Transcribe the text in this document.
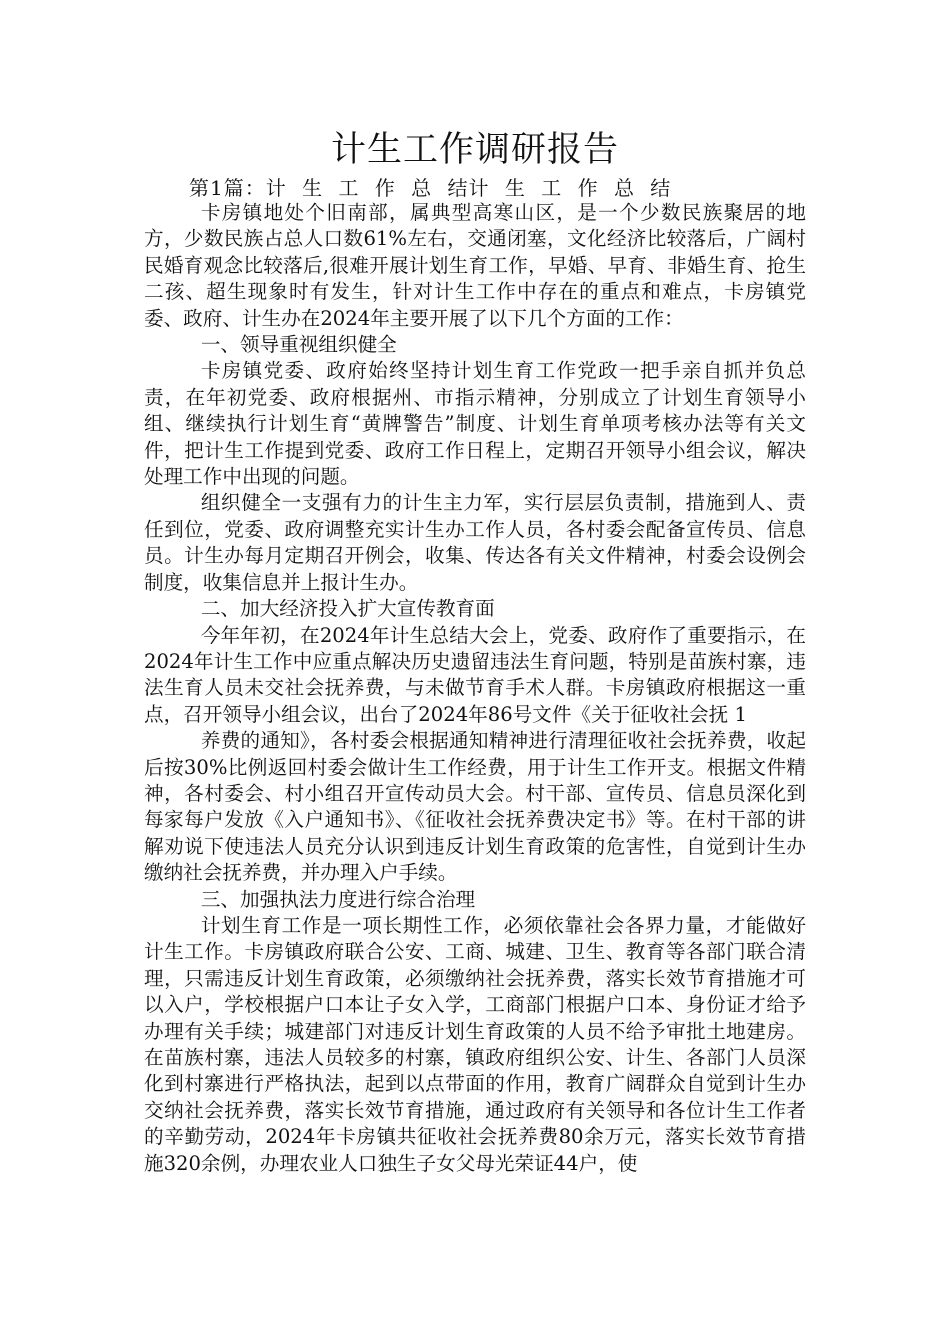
计生工作调研报告
第1篇：计 生 工 作 总 结计 生 工 作 总 结

卡房镇地处个旧南部，属典型高寒山区，是一个少数民族聚居的地方，少数民族占总人口数61%左右，交通闭塞，文化经济比较落后，广阔村民婚育观念比较落后,很难开展计划生育工作，早婚、早育、非婚生育、抢生二孩、超生现象时有发生，针对计生工作中存在的重点和难点，卡房镇党委、政府、计生办在2024年主要开展了以下几个方面的工作：

一、领导重视组织健全

卡房镇党委、政府始终坚持计划生育工作党政一把手亲自抓并负总责，在年初党委、政府根据州、市指示精神，分别成立了计划生育领导小组、继续执行计划生育“黄牌警告”制度、计划生育单项考核办法等有关文件，把计生工作提到党委、政府工作日程上，定期召开领导小组会议，解决处理工作中出现的问题。

组织健全一支强有力的计生主力军，实行层层负责制，措施到人、责任到位，党委、政府调整充实计生办工作人员，各村委会配备宣传员、信息员。计生办每月定期召开例会，收集、传达各有关文件精神，村委会设例会制度，收集信息并上报计生办。

二、加大经济投入扩大宣传教育面

今年年初，在2024年计生总结大会上，党委、政府作了重要指示，在2024年计生工作中应重点解决历史遗留违法生育问题，特别是苗族村寨，违法生育人员未交社会抚养费，与未做节育手术人群。卡房镇政府根据这一重点，召开领导小组会议，出台了2024年86号文件《关于征收社会抚 1

养费的通知》，各村委会根据通知精神进行清理征收社会抚养费，收起后按30%比例返回村委会做计生工作经费，用于计生工作开支。根据文件精神，各村委会、村小组召开宣传动员大会。村干部、宣传员、信息员深化到每家每户发放《入户通知书》、《征收社会抚养费决定书》等。在村干部的讲解劝说下使违法人员充分认识到违反计划生育政策的危害性，自觉到计生办缴纳社会抚养费，并办理入户手续。

三、加强执法力度进行综合治理

计划生育工作是一项长期性工作，必须依靠社会各界力量，才能做好计生工作。卡房镇政府联合公安、工商、城建、卫生、教育等各部门联合清理，只需违反计划生育政策，必须缴纳社会抚养费，落实长效节育措施才可以入户，学校根据户口本让子女入学，工商部门根据户口本、身份证才给予办理有关手续；城建部门对违反计划生育政策的人员不给予审批土地建房。在苗族村寨，违法人员较多的村寨，镇政府组织公安、计生、各部门人员深化到村寨进行严格执法，起到以点带面的作用，教育广阔群众自觉到计生办交纳社会抚养费，落实长效节育措施，通过政府有关领导和各位计生工作者的辛勤劳动，2024年卡房镇共征收社会抚养费80余万元，落实长效节育措施320余例，办理农业人口独生子女父母光荣证44户，使
